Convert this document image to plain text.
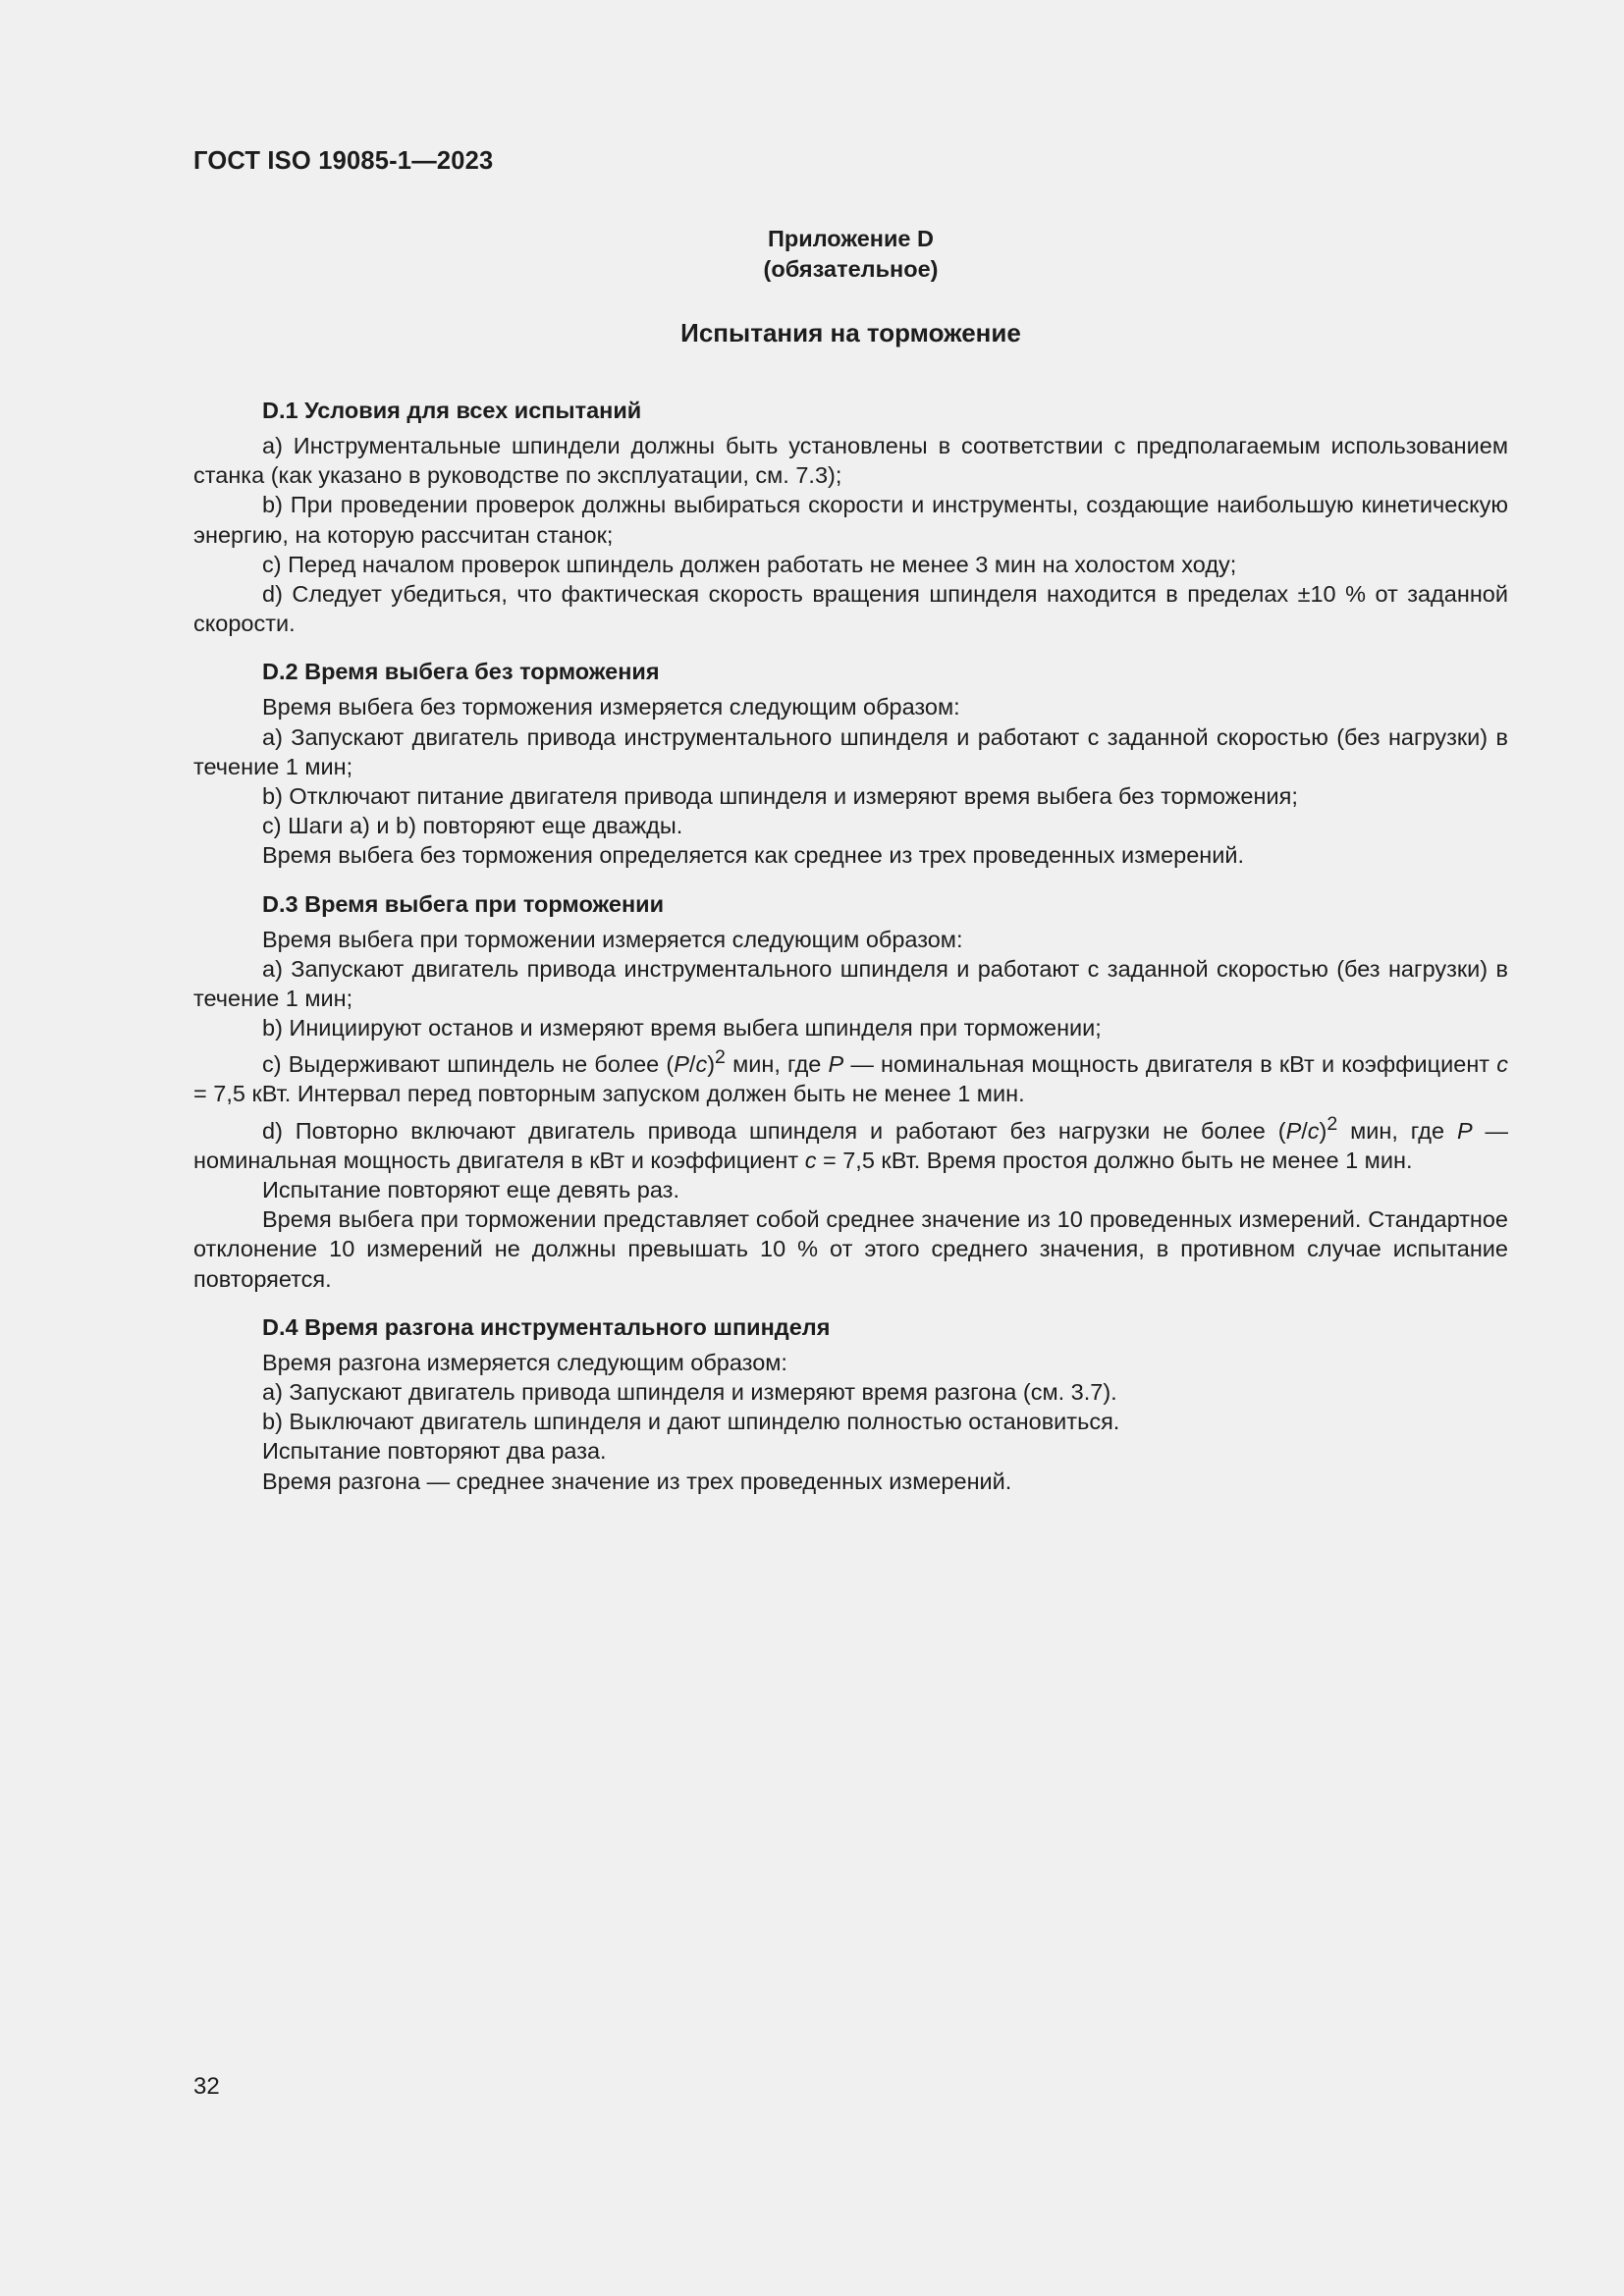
ГОСТ ISO 19085-1—2023
Приложение D
(обязательное)
Испытания на торможение
D.1 Условия для всех испытаний

a) Инструментальные шпиндели должны быть установлены в соответствии с предполагаемым использованием станка (как указано в руководстве по эксплуатации, см. 7.3);

b) При проведении проверок должны выбираться скорости и инструменты, создающие наибольшую кинетическую энергию, на которую рассчитан станок;

c) Перед началом проверок шпиндель должен работать не менее 3 мин на холостом ходу;

d) Следует убедиться, что фактическая скорость вращения шпинделя находится в пределах ±10 % от заданной скорости.

D.2 Время выбега без торможения

Время выбега без торможения измеряется следующим образом:

a) Запускают двигатель привода инструментального шпинделя и работают с заданной скоростью (без нагрузки) в течение 1 мин;

b) Отключают питание двигателя привода шпинделя и измеряют время выбега без торможения;

c) Шаги a) и b) повторяют еще дважды.

Время выбега без торможения определяется как среднее из трех проведенных измерений.

D.3 Время выбега при торможении

Время выбега при торможении измеряется следующим образом:

a) Запускают двигатель привода инструментального шпинделя и работают с заданной скоростью (без нагрузки) в течение 1 мин;

b) Инициируют останов и измеряют время выбега шпинделя при торможении;

c) Выдерживают шпиндель не более $(P/c)^2$ мин, где P — номинальная мощность двигателя в кВт и коэффициент c = 7,5 кВт. Интервал перед повторным запуском должен быть не менее 1 мин.

d) Повторно включают двигатель привода шпинделя и работают без нагрузки не более $(P/c)^2$ мин, где P — номинальная мощность двигателя в кВт и коэффициент c = 7,5 кВт. Время простоя должно быть не менее 1 мин.

Испытание повторяют еще девять раз.

Время выбега при торможении представляет собой среднее значение из 10 проведенных измерений. Стандартное отклонение 10 измерений не должны превышать 10 % от этого среднего значения, в противном случае испытание повторяется.

D.4 Время разгона инструментального шпинделя

Время разгона измеряется следующим образом:

a) Запускают двигатель привода шпинделя и измеряют время разгона (см. 3.7).

b) Выключают двигатель шпинделя и дают шпинделю полностью остановиться.

Испытание повторяют два раза.

Время разгона — среднее значение из трех проведенных измерений.

32
